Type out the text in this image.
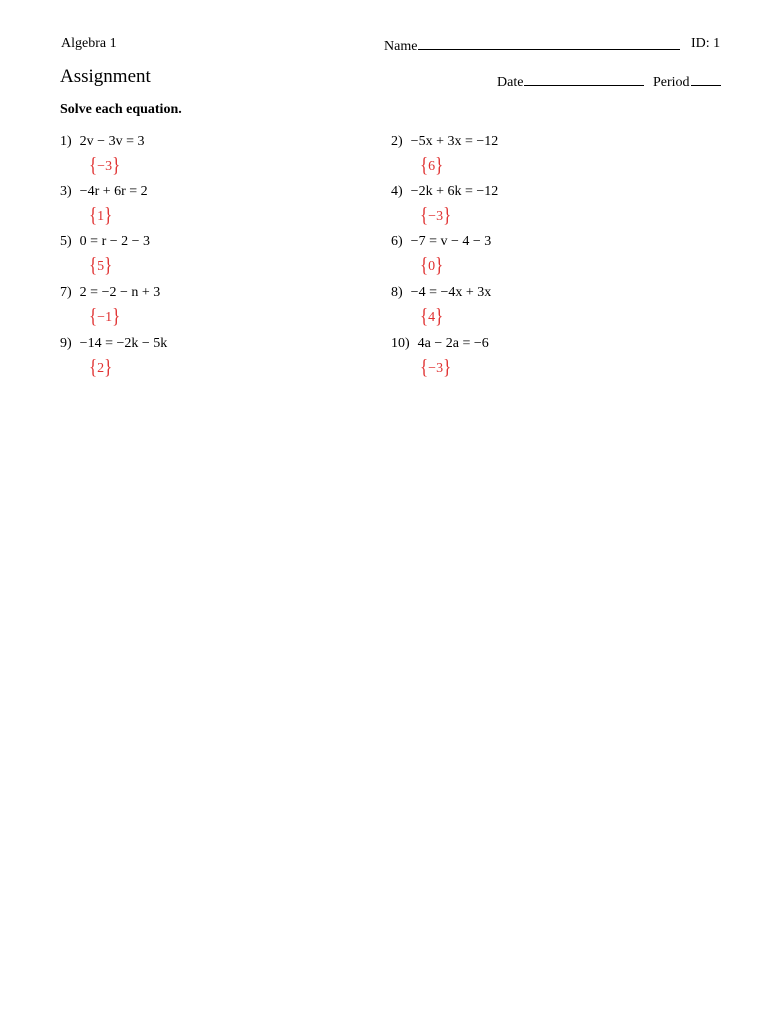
Algebra 1	Name	ID: 1
Assignment	Date	Period
Solve each equation.
1) 2v − 3v = 3
{−3}
2) −5x + 3x = −12
{6}
3) −4r + 6r = 2
{1}
4) −2k + 6k = −12
{−3}
5) 0 = r − 2 − 3
{5}
6) −7 = v − 4 − 3
{0}
7) 2 = −2 − n + 3
{−1}
8) −4 = −4x + 3x
{4}
9) −14 = −2k − 5k
{2}
10) 4a − 2a = −6
{−3}
